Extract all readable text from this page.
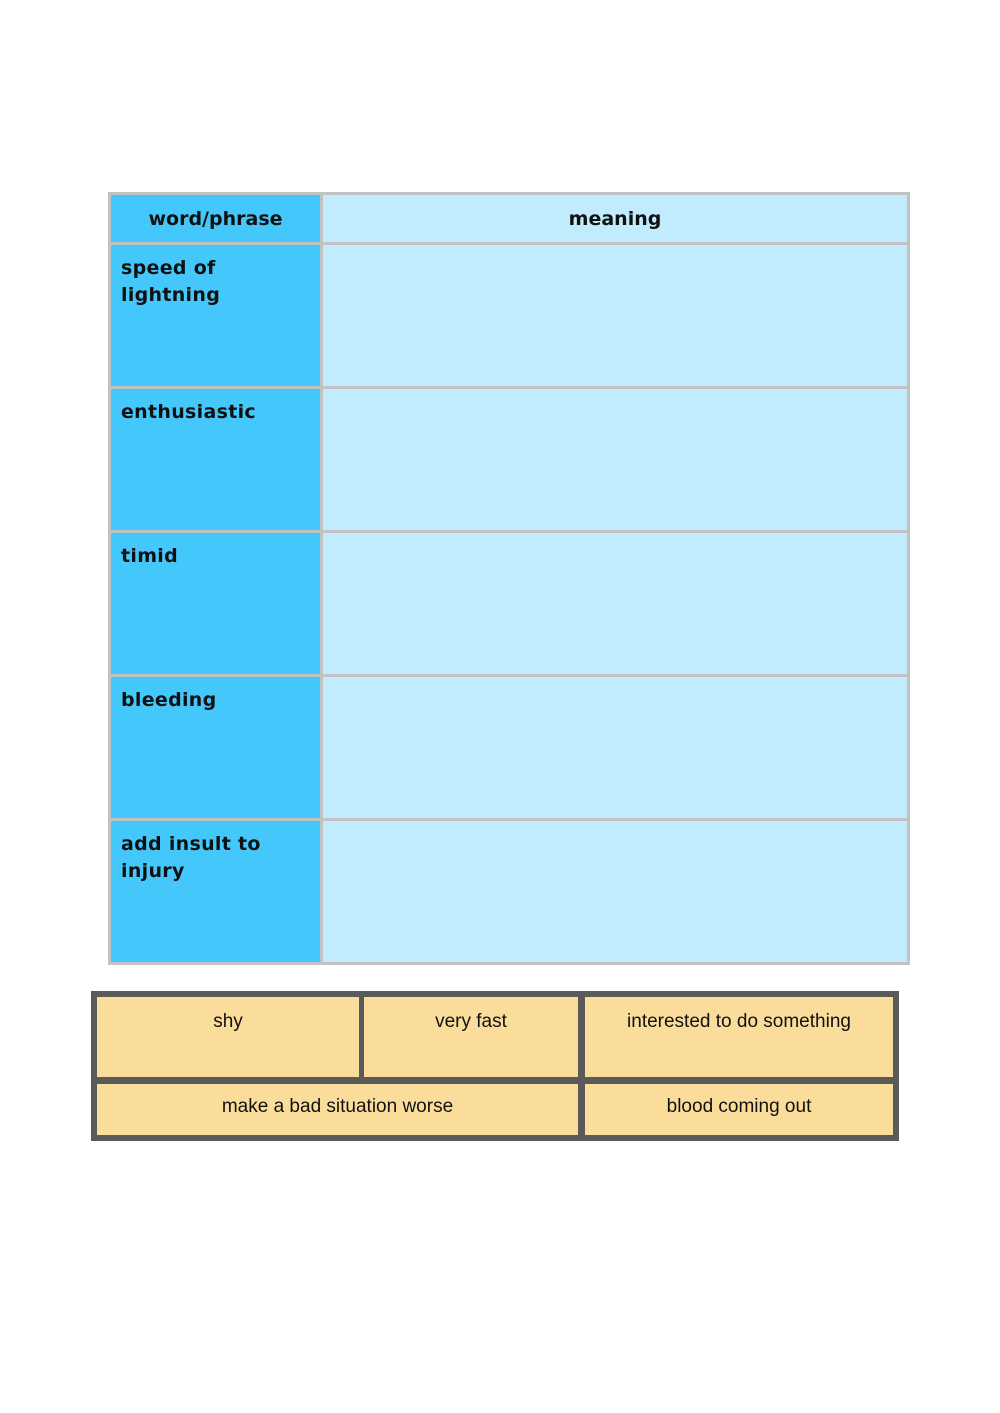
word/phrase	meaning

speed of lightning	

enthusiastic	

timid	

bleeding	

add insult to injury	

shy	very fast	interested to do something
make a bad situation worse	blood coming out
